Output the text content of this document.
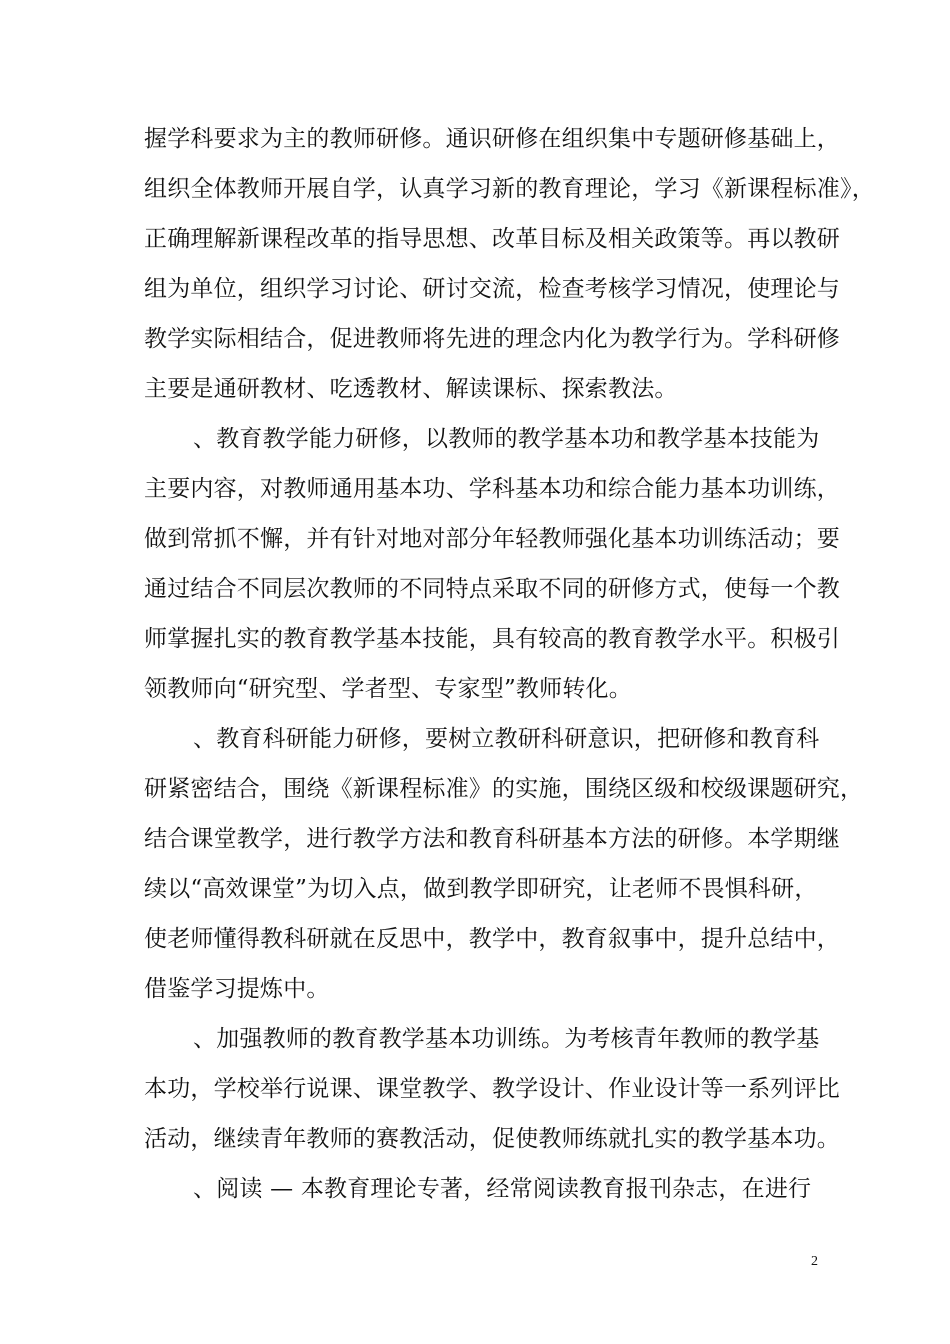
握学科要求为主的教师研修。通识研修在组织集中专题研修基础上，
组织全体教师开展自学，认真学习新的教育理论，学习《新课程标准》，
正确理解新课程改革的指导思想、改革目标及相关政策等。再以教研
组为单位，组织学习讨论、研讨交流，检查考核学习情况，使理论与
教学实际相结合，促进教师将先进的理念内化为教学行为。学科研修
主要是通研教材、吃透教材、解读课标、探索教法。
、教育教学能力研修，以教师的教学基本功和教学基本技能为
主要内容，对教师通用基本功、学科基本功和综合能力基本功训练，
做到常抓不懈，并有针对地对部分年轻教师强化基本功训练活动；要
通过结合不同层次教师的不同特点采取不同的研修方式，使每一个教
师掌握扎实的教育教学基本技能，具有较高的教育教学水平。积极引
领教师向“研究型、学者型、专家型”教师转化。
、教育科研能力研修，要树立教研科研意识，把研修和教育科
研紧密结合，围绕《新课程标准》的实施，围绕区级和校级课题研究，
结合课堂教学，进行教学方法和教育科研基本方法的研修。本学期继
续以“高效课堂”为切入点，做到教学即研究，让老师不畏惧科研，
使老师懂得教科研就在反思中，教学中，教育叙事中，提升总结中，
借鉴学习提炼中。
、加强教师的教育教学基本功训练。为考核青年教师的教学基
本功，学校举行说课、课堂教学、教学设计、作业设计等一系列评比
活动，继续青年教师的赛教活动，促使教师练就扎实的教学基本功。
、阅读 — 本教育理论专著，经常阅读教育报刊杂志，在进行
2
